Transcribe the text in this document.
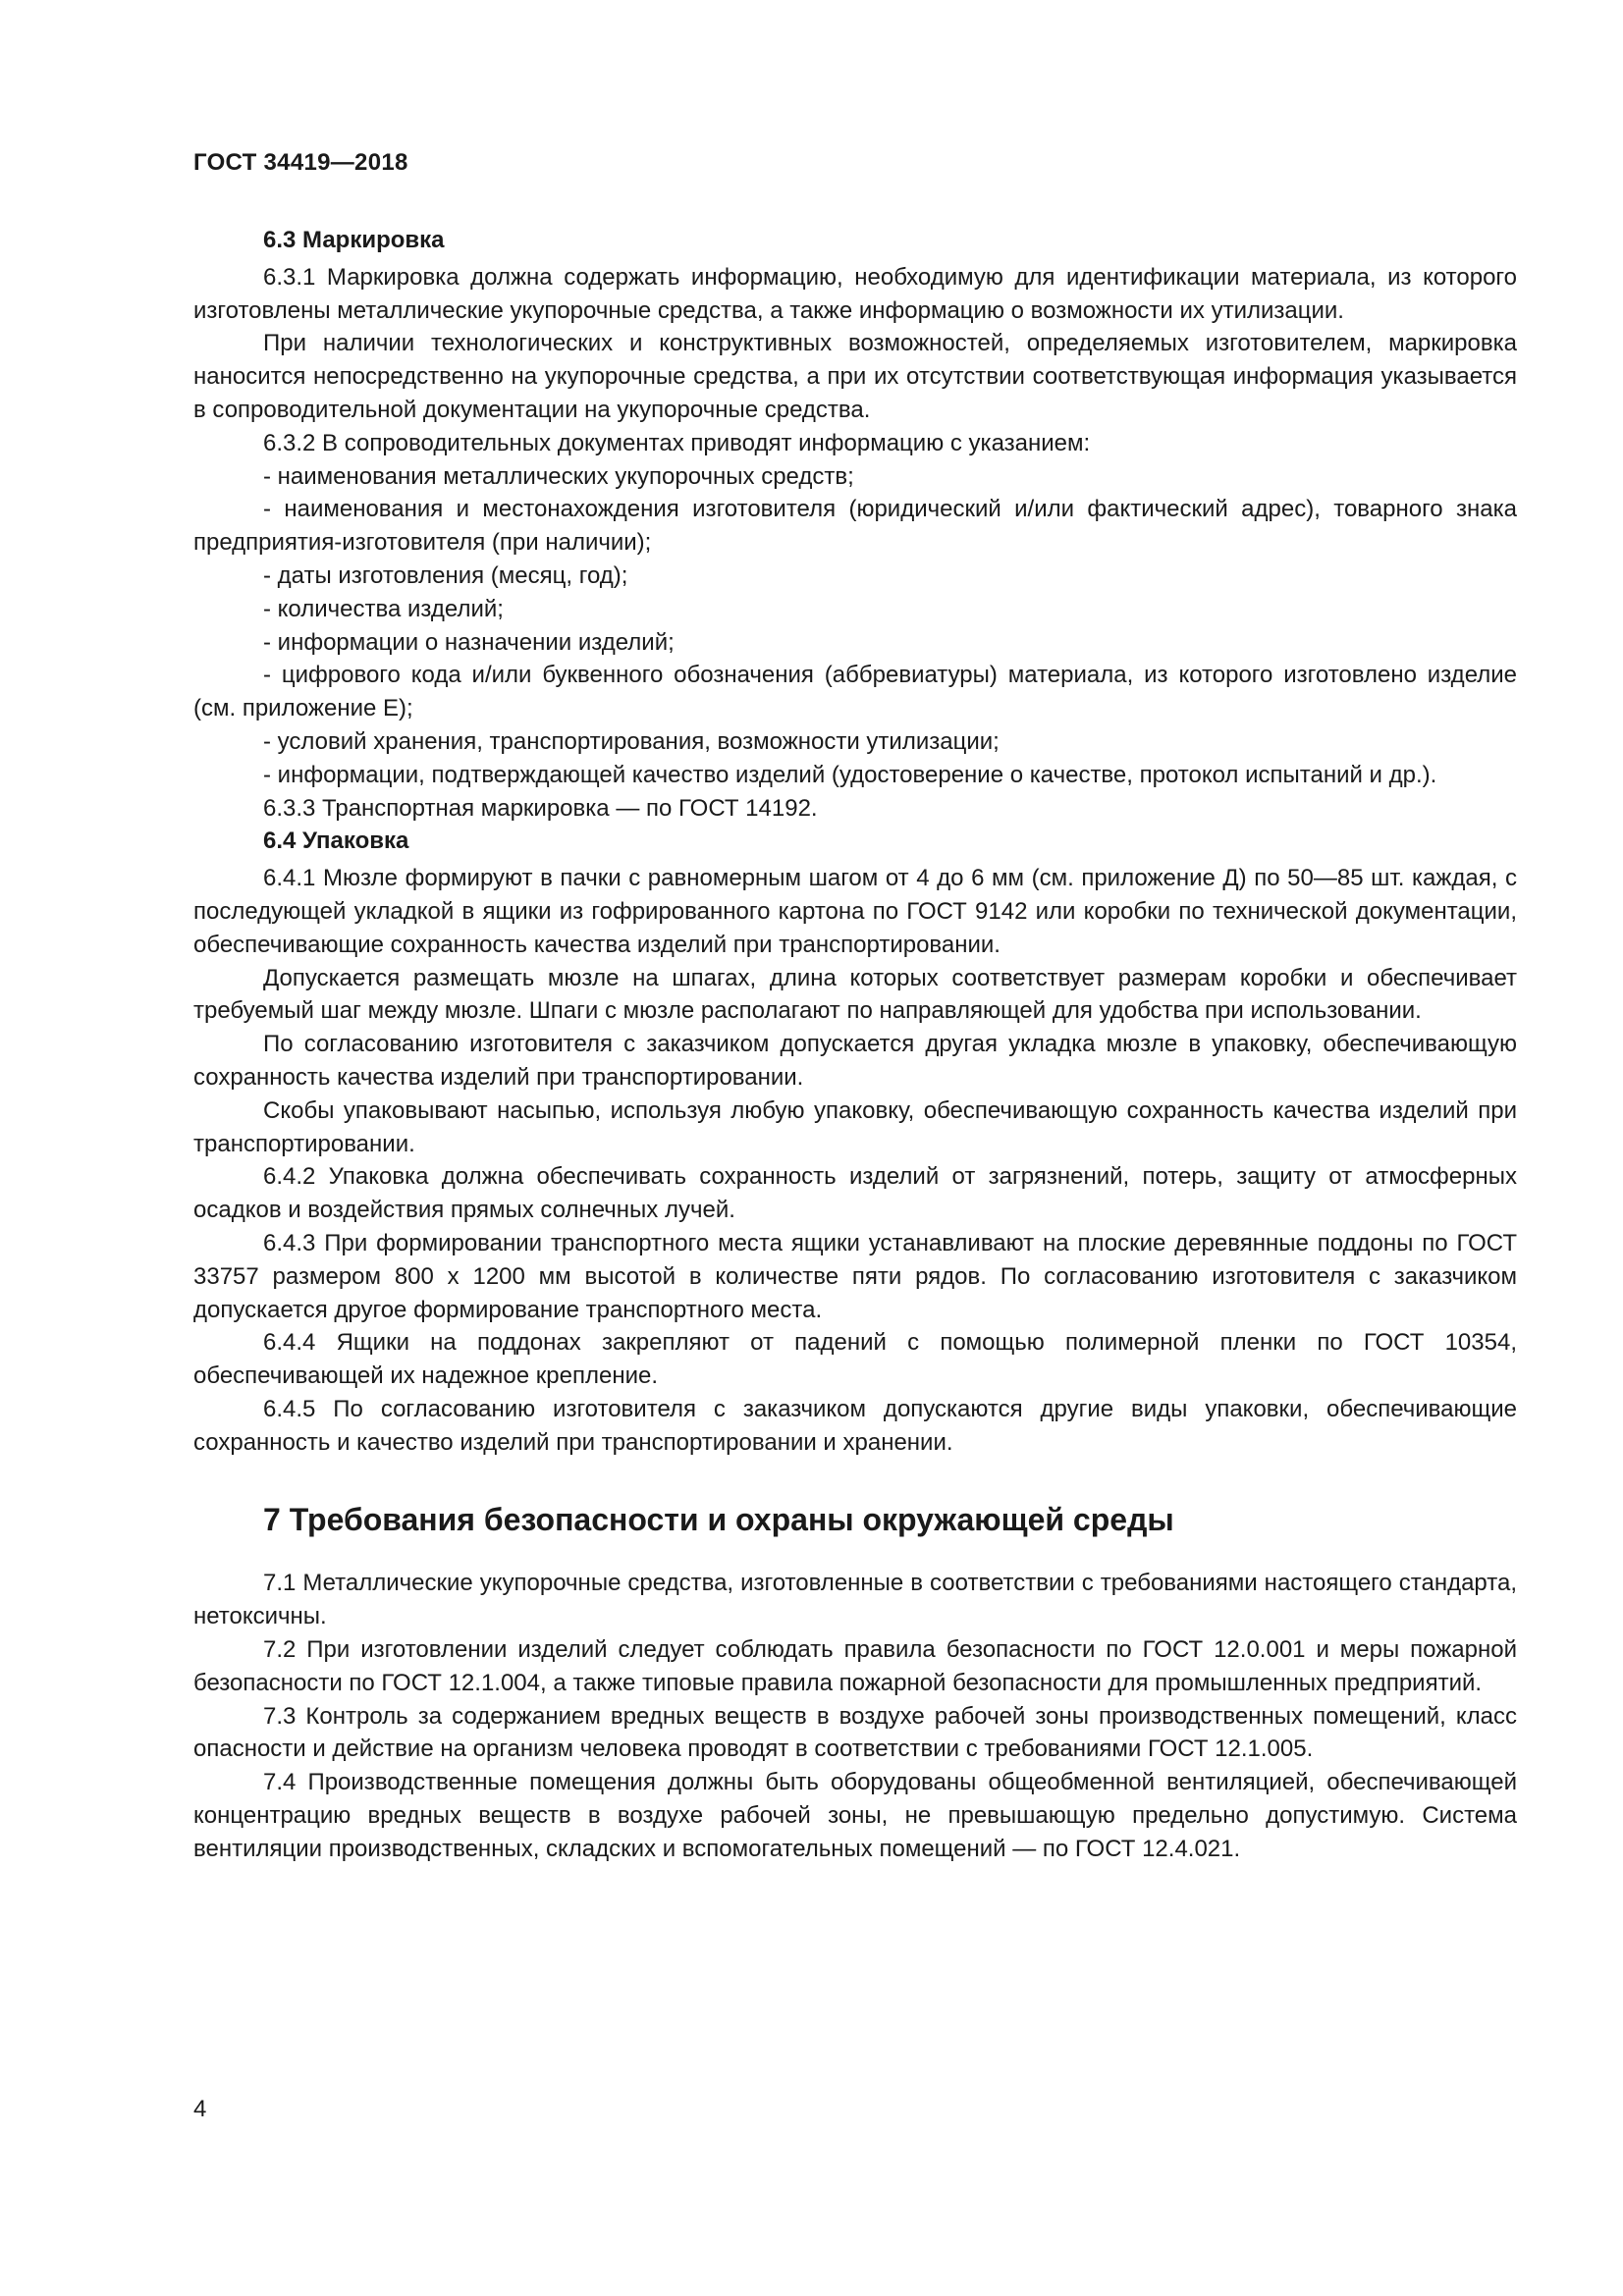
ГОСТ 34419—2018
6.3 Маркировка

6.3.1 Маркировка должна содержать информацию, необходимую для идентификации материала, из которого изготовлены металлические укупорочные средства, а также информацию о возможности их утилизации.

При наличии технологических и конструктивных возможностей, определяемых изготовителем, маркировка наносится непосредственно на укупорочные средства, а при их отсутствии соответствующая информация указывается в сопроводительной документации на укупорочные средства.

6.3.2 В сопроводительных документах приводят информацию с указанием:

- наименования металлических укупорочных средств;

- наименования и местонахождения изготовителя (юридический и/или фактический адрес), товарного знака предприятия-изготовителя (при наличии);

- даты изготовления (месяц, год);

- количества изделий;

- информации о назначении изделий;

- цифрового кода и/или буквенного обозначения (аббревиатуры) материала, из которого изготовлено изделие (см. приложение Е);

- условий хранения, транспортирования, возможности утилизации;

- информации, подтверждающей качество изделий (удостоверение о качестве, протокол испытаний и др.).

6.3.3 Транспортная маркировка — по ГОСТ 14192.

6.4 Упаковка

6.4.1 Мюзле формируют в пачки с равномерным шагом от 4 до 6 мм (см. приложение Д) по 50—85 шт. каждая, с последующей укладкой в ящики из гофрированного картона по ГОСТ 9142 или коробки по технической документации, обеспечивающие сохранность качества изделий при транспортировании.

Допускается размещать мюзле на шпагах, длина которых соответствует размерам коробки и обеспечивает требуемый шаг между мюзле. Шпаги с мюзле располагают по направляющей для удобства при использовании.

По согласованию изготовителя с заказчиком допускается другая укладка мюзле в упаковку, обеспечивающую сохранность качества изделий при транспортировании.

Скобы упаковывают насыпью, используя любую упаковку, обеспечивающую сохранность качества изделий при транспортировании.

6.4.2 Упаковка должна обеспечивать сохранность изделий от загрязнений, потерь, защиту от атмосферных осадков и воздействия прямых солнечных лучей.

6.4.3 При формировании транспортного места ящики устанавливают на плоские деревянные поддоны по ГОСТ 33757 размером 800 x 1200 мм высотой в количестве пяти рядов. По согласованию изготовителя с заказчиком допускается другое формирование транспортного места.

6.4.4 Ящики на поддонах закрепляют от падений с помощью полимерной пленки по ГОСТ 10354, обеспечивающей их надежное крепление.

6.4.5 По согласованию изготовителя с заказчиком допускаются другие виды упаковки, обеспечивающие сохранность и качество изделий при транспортировании и хранении.

7 Требования безопасности и охраны окружающей среды

7.1 Металлические укупорочные средства, изготовленные в соответствии с требованиями настоящего стандарта, нетоксичны.

7.2 При изготовлении изделий следует соблюдать правила безопасности по ГОСТ 12.0.001 и меры пожарной безопасности по ГОСТ 12.1.004, а также типовые правила пожарной безопасности для промышленных предприятий.

7.3 Контроль за содержанием вредных веществ в воздухе рабочей зоны производственных помещений, класс опасности и действие на организм человека проводят в соответствии с требованиями ГОСТ 12.1.005.

7.4 Производственные помещения должны быть оборудованы общеобменной вентиляцией, обеспечивающей концентрацию вредных веществ в воздухе рабочей зоны, не превышающую предельно допустимую. Система вентиляции производственных, складских и вспомогательных помещений — по ГОСТ 12.4.021.

4
